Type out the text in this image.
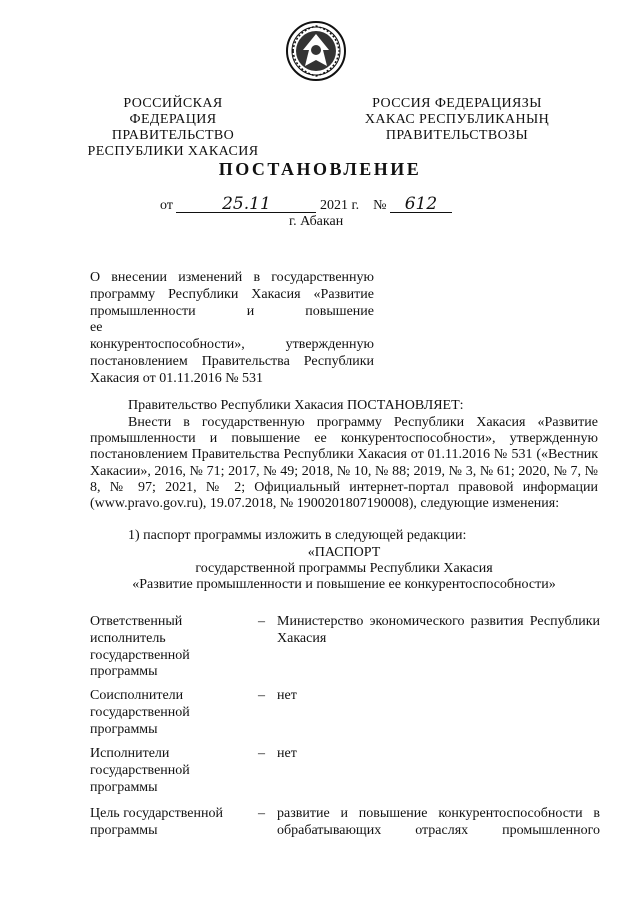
РОССИЙСКАЯ ФЕДЕРАЦИЯ
ПРАВИТЕЛЬСТВО
РЕСПУБЛИКИ ХАКАСИЯ
РОССИЯ ФЕДЕРАЦИЯЗЫ
ХАКАС РЕСПУБЛИКАНЫҢ
ПРАВИТЕЛЬСТВОЗЫ
ПОСТАНОВЛЕНИЕ
от	25.11	2021 г. № 612
г. Абакан
О внесении изменений в государственную
программу Республики Хакасия «Развитие
промышленности и повышение ее
конкурентоспособности», утвержденную
постановлением Правительства Республики
Хакасия от 01.11.2016 № 531
Правительство Республики Хакасия ПОСТАНОВЛЯЕТ:
Внести в государственную программу Республики Хакасия «Развитие промышленности и повышение ее конкурентоспособности», утвержденную постановлением Правительства Республики Хакасия от 01.11.2016 № 531 («Вестник Хакасии», 2016, № 71; 2017, № 49; 2018, № 10, № 88; 2019, № 3, № 61; 2020, № 7, № 8, № 97; 2021, № 2; Официальный интернет-портал правовой информации (www.pravo.gov.ru), 19.07.2018, № 1900201807190008), следующие изменения:
1) паспорт программы изложить в следующей редакции:
«ПАСПОРТ
государственной программы Республики Хакасия
«Развитие промышленности и повышение ее конкурентоспособности»
Ответственный исполнитель государственной программы
– Министерство экономического развития Республики Хакасия
Соисполнители государственной программы
– нет
Исполнители государственной программы
– нет
Цель государственной программы
– развитие и повышение конкурентоспособности в обрабатывающих отраслях промышленного
